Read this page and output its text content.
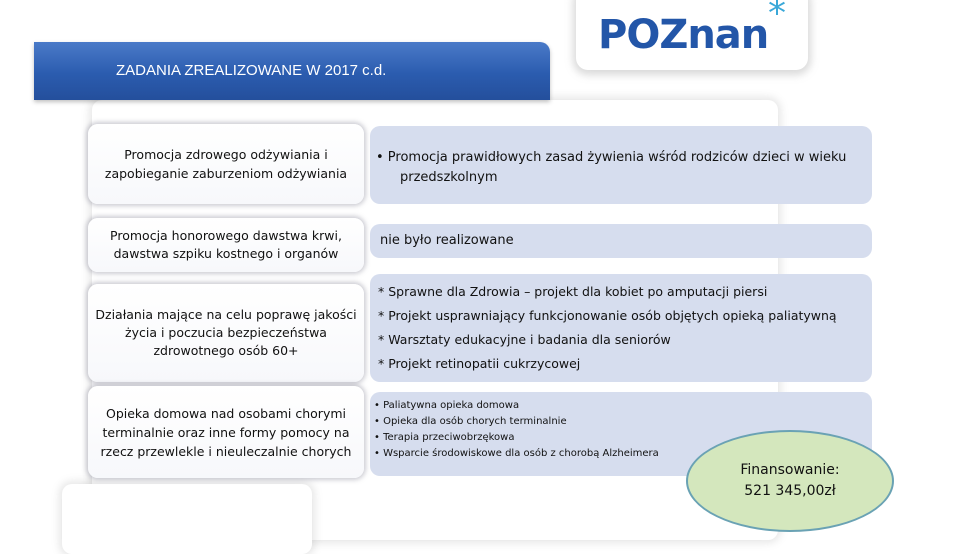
POZnan *
ZADANIA ZREALIZOWANE W 2017 c.d.
Promocja zdrowego odżywiania i zapobieganie zaburzeniom odżywiania
• Promocja prawidłowych zasad żywienia wśród rodziców dzieci w wieku
przedszkolnym
Promocja honorowego dawstwa krwi, dawstwa szpiku kostnego i organów
nie było realizowane
Działania mające na celu poprawę jakości życia i poczucia bezpieczeństwa zdrowotnego osób 60+
* Sprawne dla Zdrowia – projekt dla kobiet po amputacji piersi
* Projekt usprawniający funkcjonowanie osób objętych opieką paliatywną
* Warsztaty edukacyjne i badania dla seniorów
* Projekt retinopatii cukrzycowej
Opieka domowa nad osobami chorymi terminalnie oraz inne formy pomocy na rzecz przewlekle i nieuleczalnie chorych
• Paliatywna opieka domowa
• Opieka dla osób chorych terminalnie
• Terapia przeciwobrzękowa
• Wsparcie środowiskowe dla osób z chorobą Alzheimera
Finansowanie:
521 345,00zł
